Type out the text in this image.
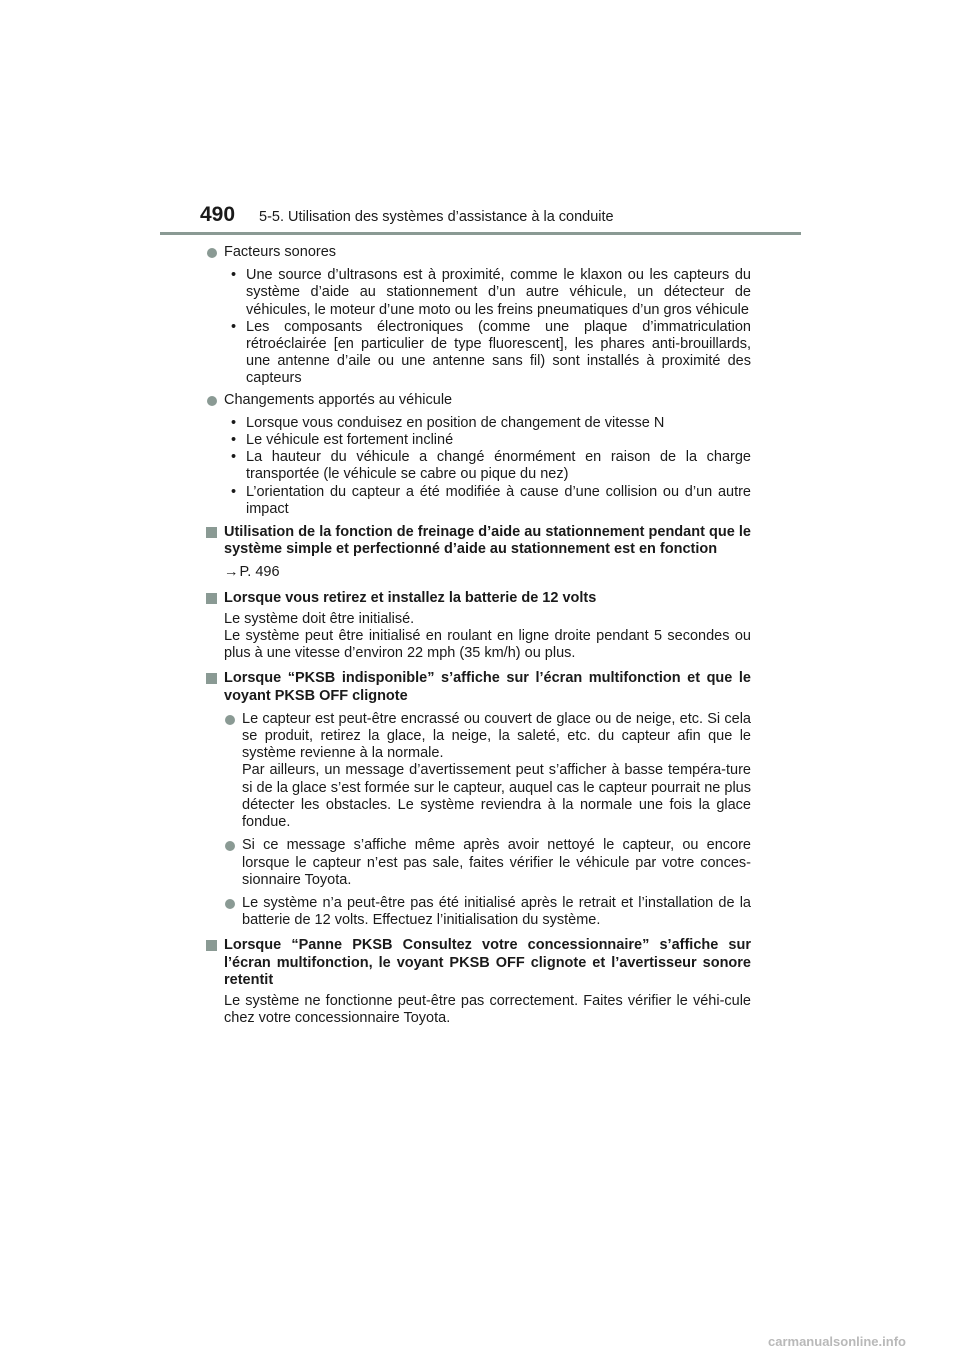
490 5-5. Utilisation des systèmes d’assistance à la conduite
Facteurs sonores
• Une source d’ultrasons est à proximité, comme le klaxon ou les capteurs du système d’aide au stationnement d’un autre véhicule, un détecteur de véhicules, le moteur d’une moto ou les freins pneumatiques d’un gros véhicule
• Les composants électroniques (comme une plaque d’immatriculation rétroéclairée [en particulier de type fluorescent], les phares anti-brouillards, une antenne d’aile ou une antenne sans fil) sont installés à proximité des capteurs
Changements apportés au véhicule
• Lorsque vous conduisez en position de changement de vitesse N
• Le véhicule est fortement incliné
• La hauteur du véhicule a changé énormément en raison de la charge transportée (le véhicule se cabre ou pique du nez)
• L’orientation du capteur a été modifiée à cause d’une collision ou d’un autre impact
Utilisation de la fonction de freinage d’aide au stationnement pendant que le système simple et perfectionné d’aide au stationnement est en fonction
→P. 496
Lorsque vous retirez et installez la batterie de 12 volts
Le système doit être initialisé.
Le système peut être initialisé en roulant en ligne droite pendant 5 secondes ou plus à une vitesse d’environ 22 mph (35 km/h) ou plus.
Lorsque “PKSB indisponible” s’affiche sur l’écran multifonction et que le voyant PKSB OFF clignote
Le capteur est peut-être encrassé ou couvert de glace ou de neige, etc. Si cela se produit, retirez la glace, la neige, la saleté, etc. du capteur afin que le système revienne à la normale.
Par ailleurs, un message d’avertissement peut s’afficher à basse tempéra-ture si de la glace s’est formée sur le capteur, auquel cas le capteur pourrait ne plus détecter les obstacles. Le système reviendra à la normale une fois la glace fondue.
Si ce message s’affiche même après avoir nettoyé le capteur, ou encore lorsque le capteur n’est pas sale, faites vérifier le véhicule par votre conces-sionnaire Toyota.
Le système n’a peut-être pas été initialisé après le retrait et l’installation de la batterie de 12 volts. Effectuez l’initialisation du système.
Lorsque “Panne PKSB Consultez votre concessionnaire” s’affiche sur l’écran multifonction, le voyant PKSB OFF clignote et l’avertisseur sonore retentit
Le système ne fonctionne peut-être pas correctement. Faites vérifier le véhi-cule chez votre concessionnaire Toyota.
carmanualsonline.info
